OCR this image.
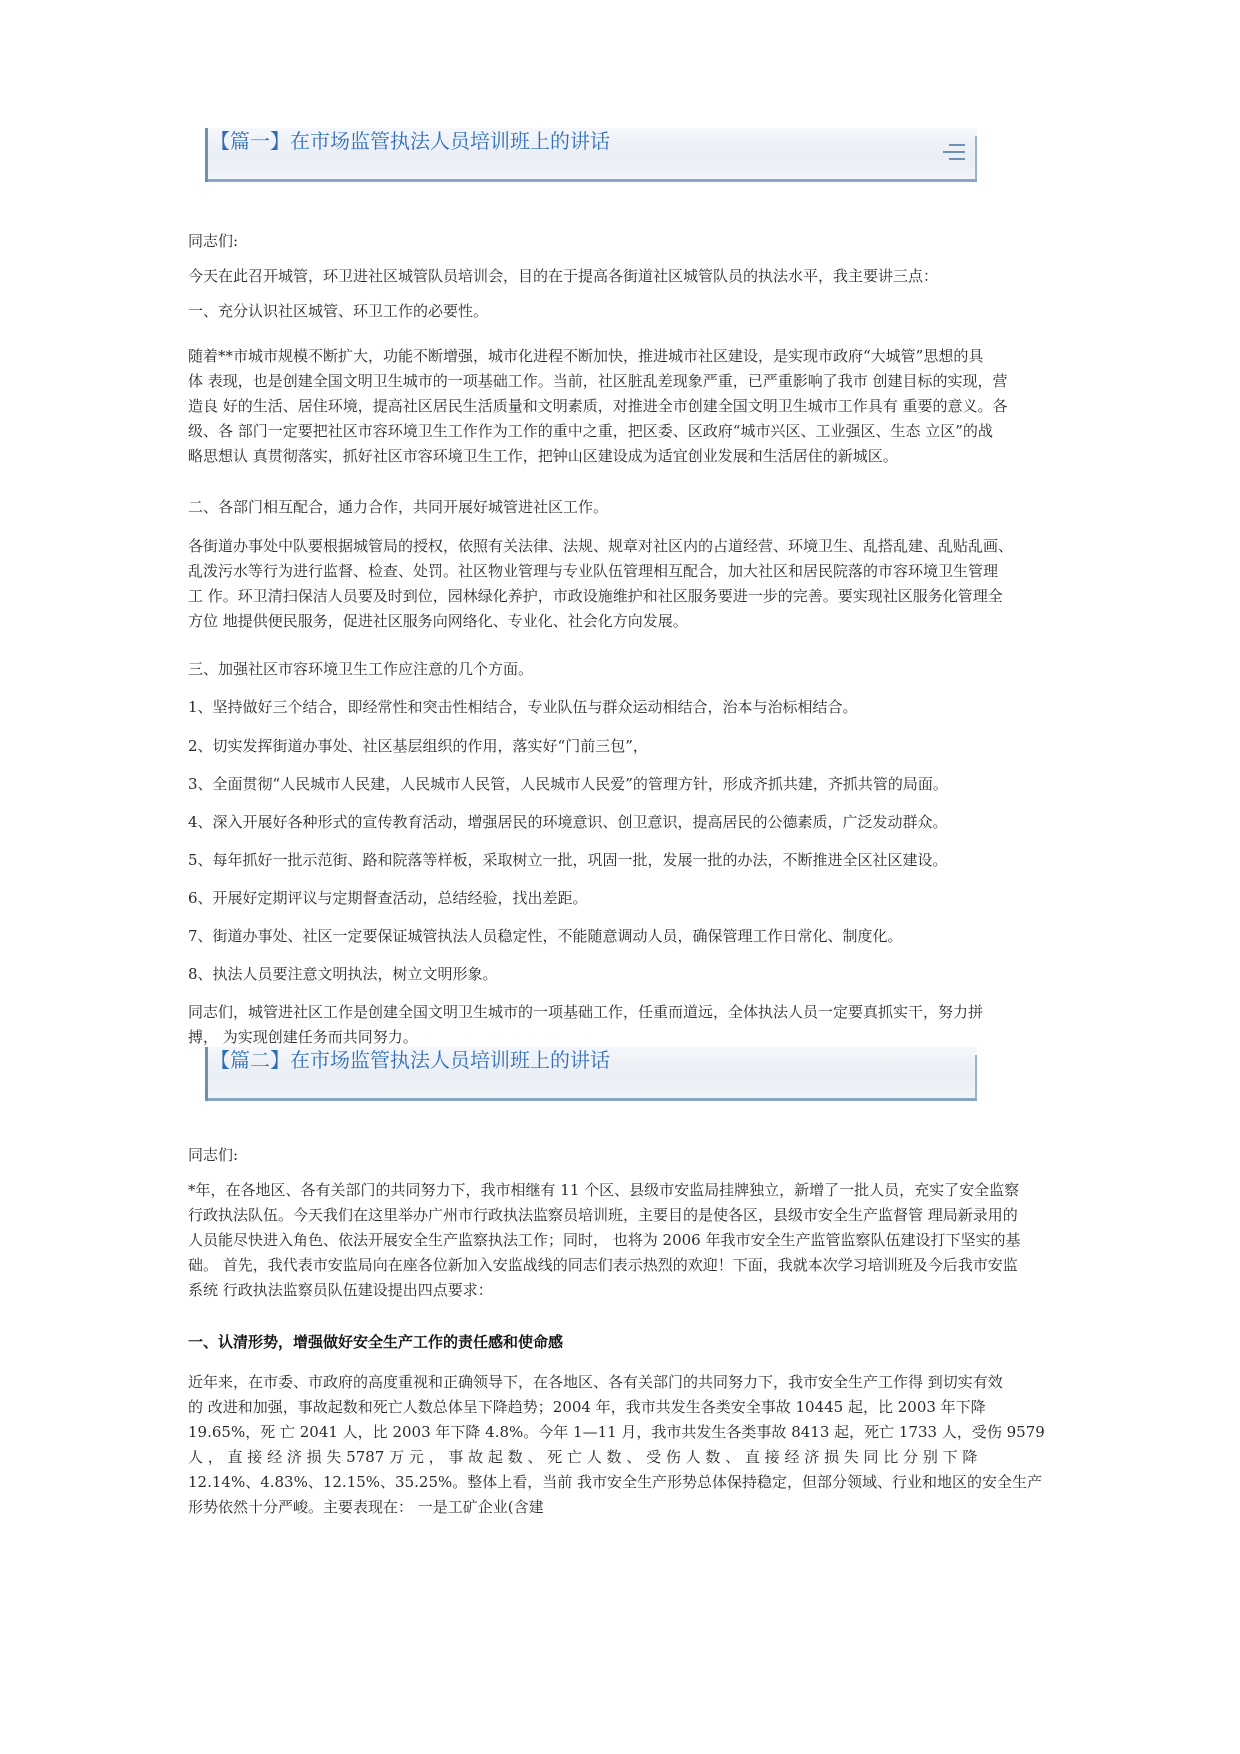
【篇一】在市场监管执法人员培训班上的讲话
同志们:
今天在此召开城管，环卫进社区城管队员培训会，目的在于提高各街道社区城管队员的执法水平，我主要讲三点：
一、充分认识社区城管、环卫工作的必要性。
随着**市城市规模不断扩大，功能不断增强，城市化进程不断加快，推进城市社区建设，是实现市政府“大城管”思想的具
体 表现，也是创建全国文明卫生城市的一项基础工作。当前，社区脏乱差现象严重，已严重影响了我市 创建目标的实现，营
造良 好的生活、居住环境，提高社区居民生活质量和文明素质，对推进全市创建全国文明卫生城市工作具有 重要的意义。各
级、各 部门一定要把社区市容环境卫生工作作为工作的重中之重，把区委、区政府“城市兴区、工业强区、生态 立区”的战
略思想认 真贯彻落实，抓好社区市容环境卫生工作，把钟山区建设成为适宜创业发展和生活居住的新城区。
二、各部门相互配合，通力合作，共同开展好城管进社区工作。
各街道办事处中队要根据城管局的授权，依照有关法律、法规、规章对社区内的占道经营、环境卫生、乱搭乱建、乱贴乱画、
乱泼污水等行为进行监督、检查、处罚。社区物业管理与专业队伍管理相互配合，加大社区和居民院落的市容环境卫生管理
工 作。环卫清扫保洁人员要及时到位，园林绿化养护，市政设施维护和社区服务要进一步的完善。要实现社区服务化管理全
方位 地提供便民服务，促进社区服务向网络化、专业化、社会化方向发展。
三、加强社区市容环境卫生工作应注意的几个方面。
1、坚持做好三个结合，即经常性和突击性相结合，专业队伍与群众运动相结合，治本与治标相结合。
2、切实发挥街道办事处、社区基层组织的作用，落实好“门前三包”，
3、全面贯彻“人民城市人民建，人民城市人民管，人民城市人民爱”的管理方针，形成齐抓共建，齐抓共管的局面。
4、深入开展好各种形式的宣传教育活动，增强居民的环境意识、创卫意识，提高居民的公德素质，广泛发动群众。
5、每年抓好一批示范街、路和院落等样板，采取树立一批，巩固一批，发展一批的办法，不断推进全区社区建设。
6、开展好定期评议与定期督查活动，总结经验，找出差距。
7、街道办事处、社区一定要保证城管执法人员稳定性，不能随意调动人员，确保管理工作日常化、制度化。
8、执法人员要注意文明执法，树立文明形象。
同志们，城管进社区工作是创建全国文明卫生城市的一项基础工作，任重而道远，全体执法人员一定要真抓实干，努力拼
搏， 为实现创建任务而共同努力。
【篇二】在市场监管执法人员培训班上的讲话
同志们:
*年，在各地区、各有关部门的共同努力下，我市相继有 11 个区、县级市安监局挂牌独立，新增了一批人员，充实了安全监察
行政执法队伍。今天我们在这里举办广州市行政执法监察员培训班，主要目的是使各区，县级市安全生产监督管 理局新录用的
人员能尽快进入角色、依法开展安全生产监察执法工作；同时， 也将为 2006 年我市安全生产监管监察队伍建设打下坚实的基
础。 首先，我代表市安监局向在座各位新加入安监战线的同志们表示热烈的欢迎！下面，我就本次学习培训班及今后我市安监
系统 行政执法监察员队伍建设提出四点要求：
一、认清形势，增强做好安全生产工作的责任感和使命感
近年来，在市委、市政府的高度重视和正确领导下，在各地区、各有关部门的共同努力下，我市安全生产工作得 到切实有效
的 改进和加强，事故起数和死亡人数总体呈下降趋势；2004 年，我市共发生各类安全事故 10445 起，比 2003 年下降
19.65%，死 亡 2041 人，比 2003 年下降 4.8%。今年 1—11 月，我市共发生各类事故 8413 起，死亡 1733 人，受伤 9579
人 ， 直 接 经 济 损 失 5787 万 元 ， 事 故 起 数 、 死 亡 人 数 、 受 伤 人 数 、 直 接 经 济 损 失 同 比 分 别 下 降
12.14%、4.83%、12.15%、35.25%。整体上看，当前 我市安全生产形势总体保持稳定，但部分领域、行业和地区的安全生产
形势依然十分严峻。主要表现在： 一是工矿企业(含建
